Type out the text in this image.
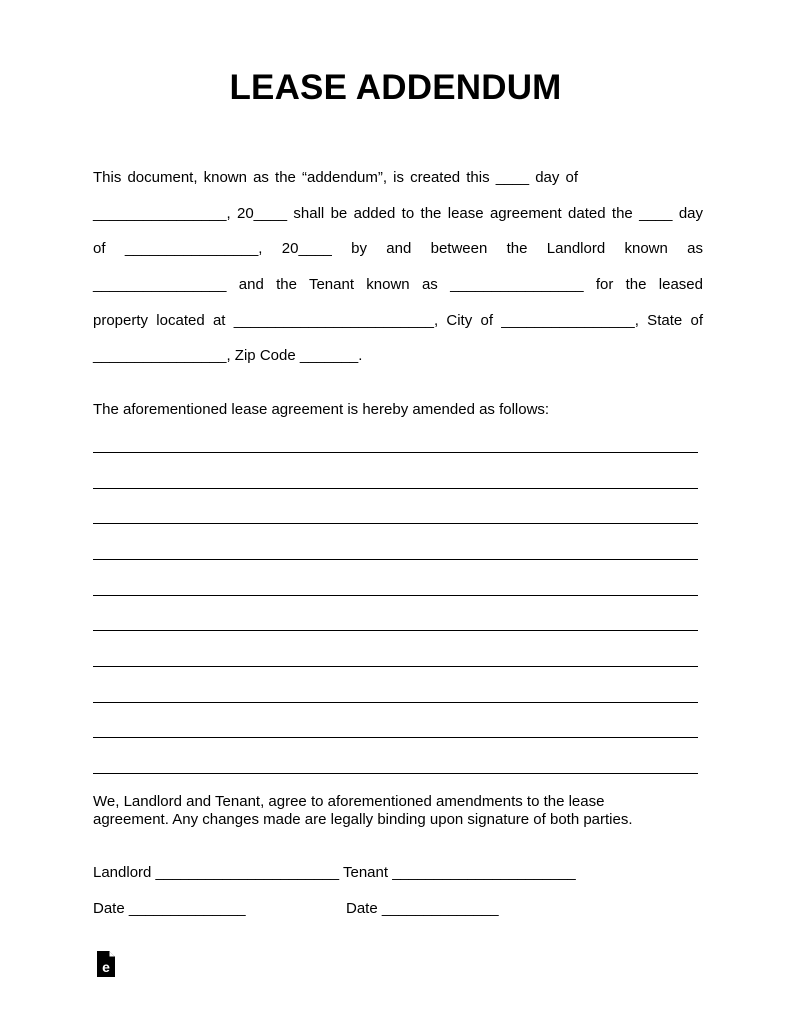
LEASE ADDENDUM
This document, known as the “addendum”, is created this ____ day of
________________, 20____ shall be added to the lease agreement dated the ____ day
of ________________, 20____ by and between the Landlord known as
________________ and the Tenant known as ________________ for the leased
property located at ________________________, City of ________________, State of
________________, Zip Code _______.
The aforementioned lease agreement is hereby amended as follows:
We, Landlord and Tenant, agree to aforementioned amendments to the lease
agreement. Any changes made are legally binding upon signature of both parties.
Landlord ______________________ Tenant ______________________
Date ______________	Date ______________
e
